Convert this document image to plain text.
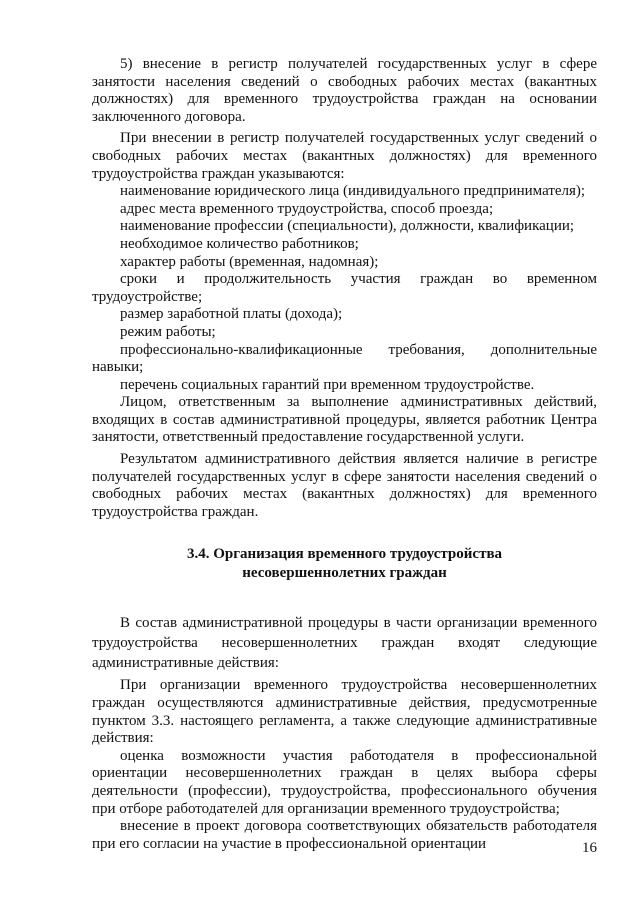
5) внесение в регистр получателей государственных услуг в сфере занятости населения сведений о свободных рабочих местах (вакантных должностях) для временного трудоустройства граждан на основании заключенного договора.

При внесении в регистр получателей государственных услуг сведений о свободных рабочих местах (вакантных должностях) для временного трудоустройства граждан указываются:

наименование юридического лица (индивидуального предпринимателя);

адрес места временного трудоустройства, способ проезда;

наименование профессии (специальности), должности, квалификации;

необходимое количество работников;

характер работы (временная, надомная);

сроки и продолжительность участия граждан во временном трудоустройстве;

размер заработной платы (дохода);

режим работы;

профессионально-квалификационные требования, дополнительные навыки;

перечень социальных гарантий при временном трудоустройстве.

Лицом, ответственным за выполнение административных действий, входящих в состав административной процедуры, является работник Центра занятости, ответственный предоставление государственной услуги.

Результатом административного действия является наличие в регистре получателей государственных услуг в сфере занятости населения сведений о свободных рабочих местах (вакантных должностях) для временного трудоустройства граждан.

3.4. Организация временного трудоустройства
несовершеннолетних граждан

В состав административной процедуры в части организации временного трудоустройства несовершеннолетних граждан входят следующие административные действия:

При организации временного трудоустройства несовершеннолетних граждан осуществляются административные действия, предусмотренные пунктом 3.3. настоящего регламента, а также следующие административные действия:

оценка возможности участия работодателя в профессиональной ориентации несовершеннолетних граждан в целях выбора сферы деятельности (профессии), трудоустройства, профессионального обучения при отборе работодателей для организации временного трудоустройства;

внесение в проект договора соответствующих обязательств работодателя при его согласии на участие в профессиональной ориентации	16
